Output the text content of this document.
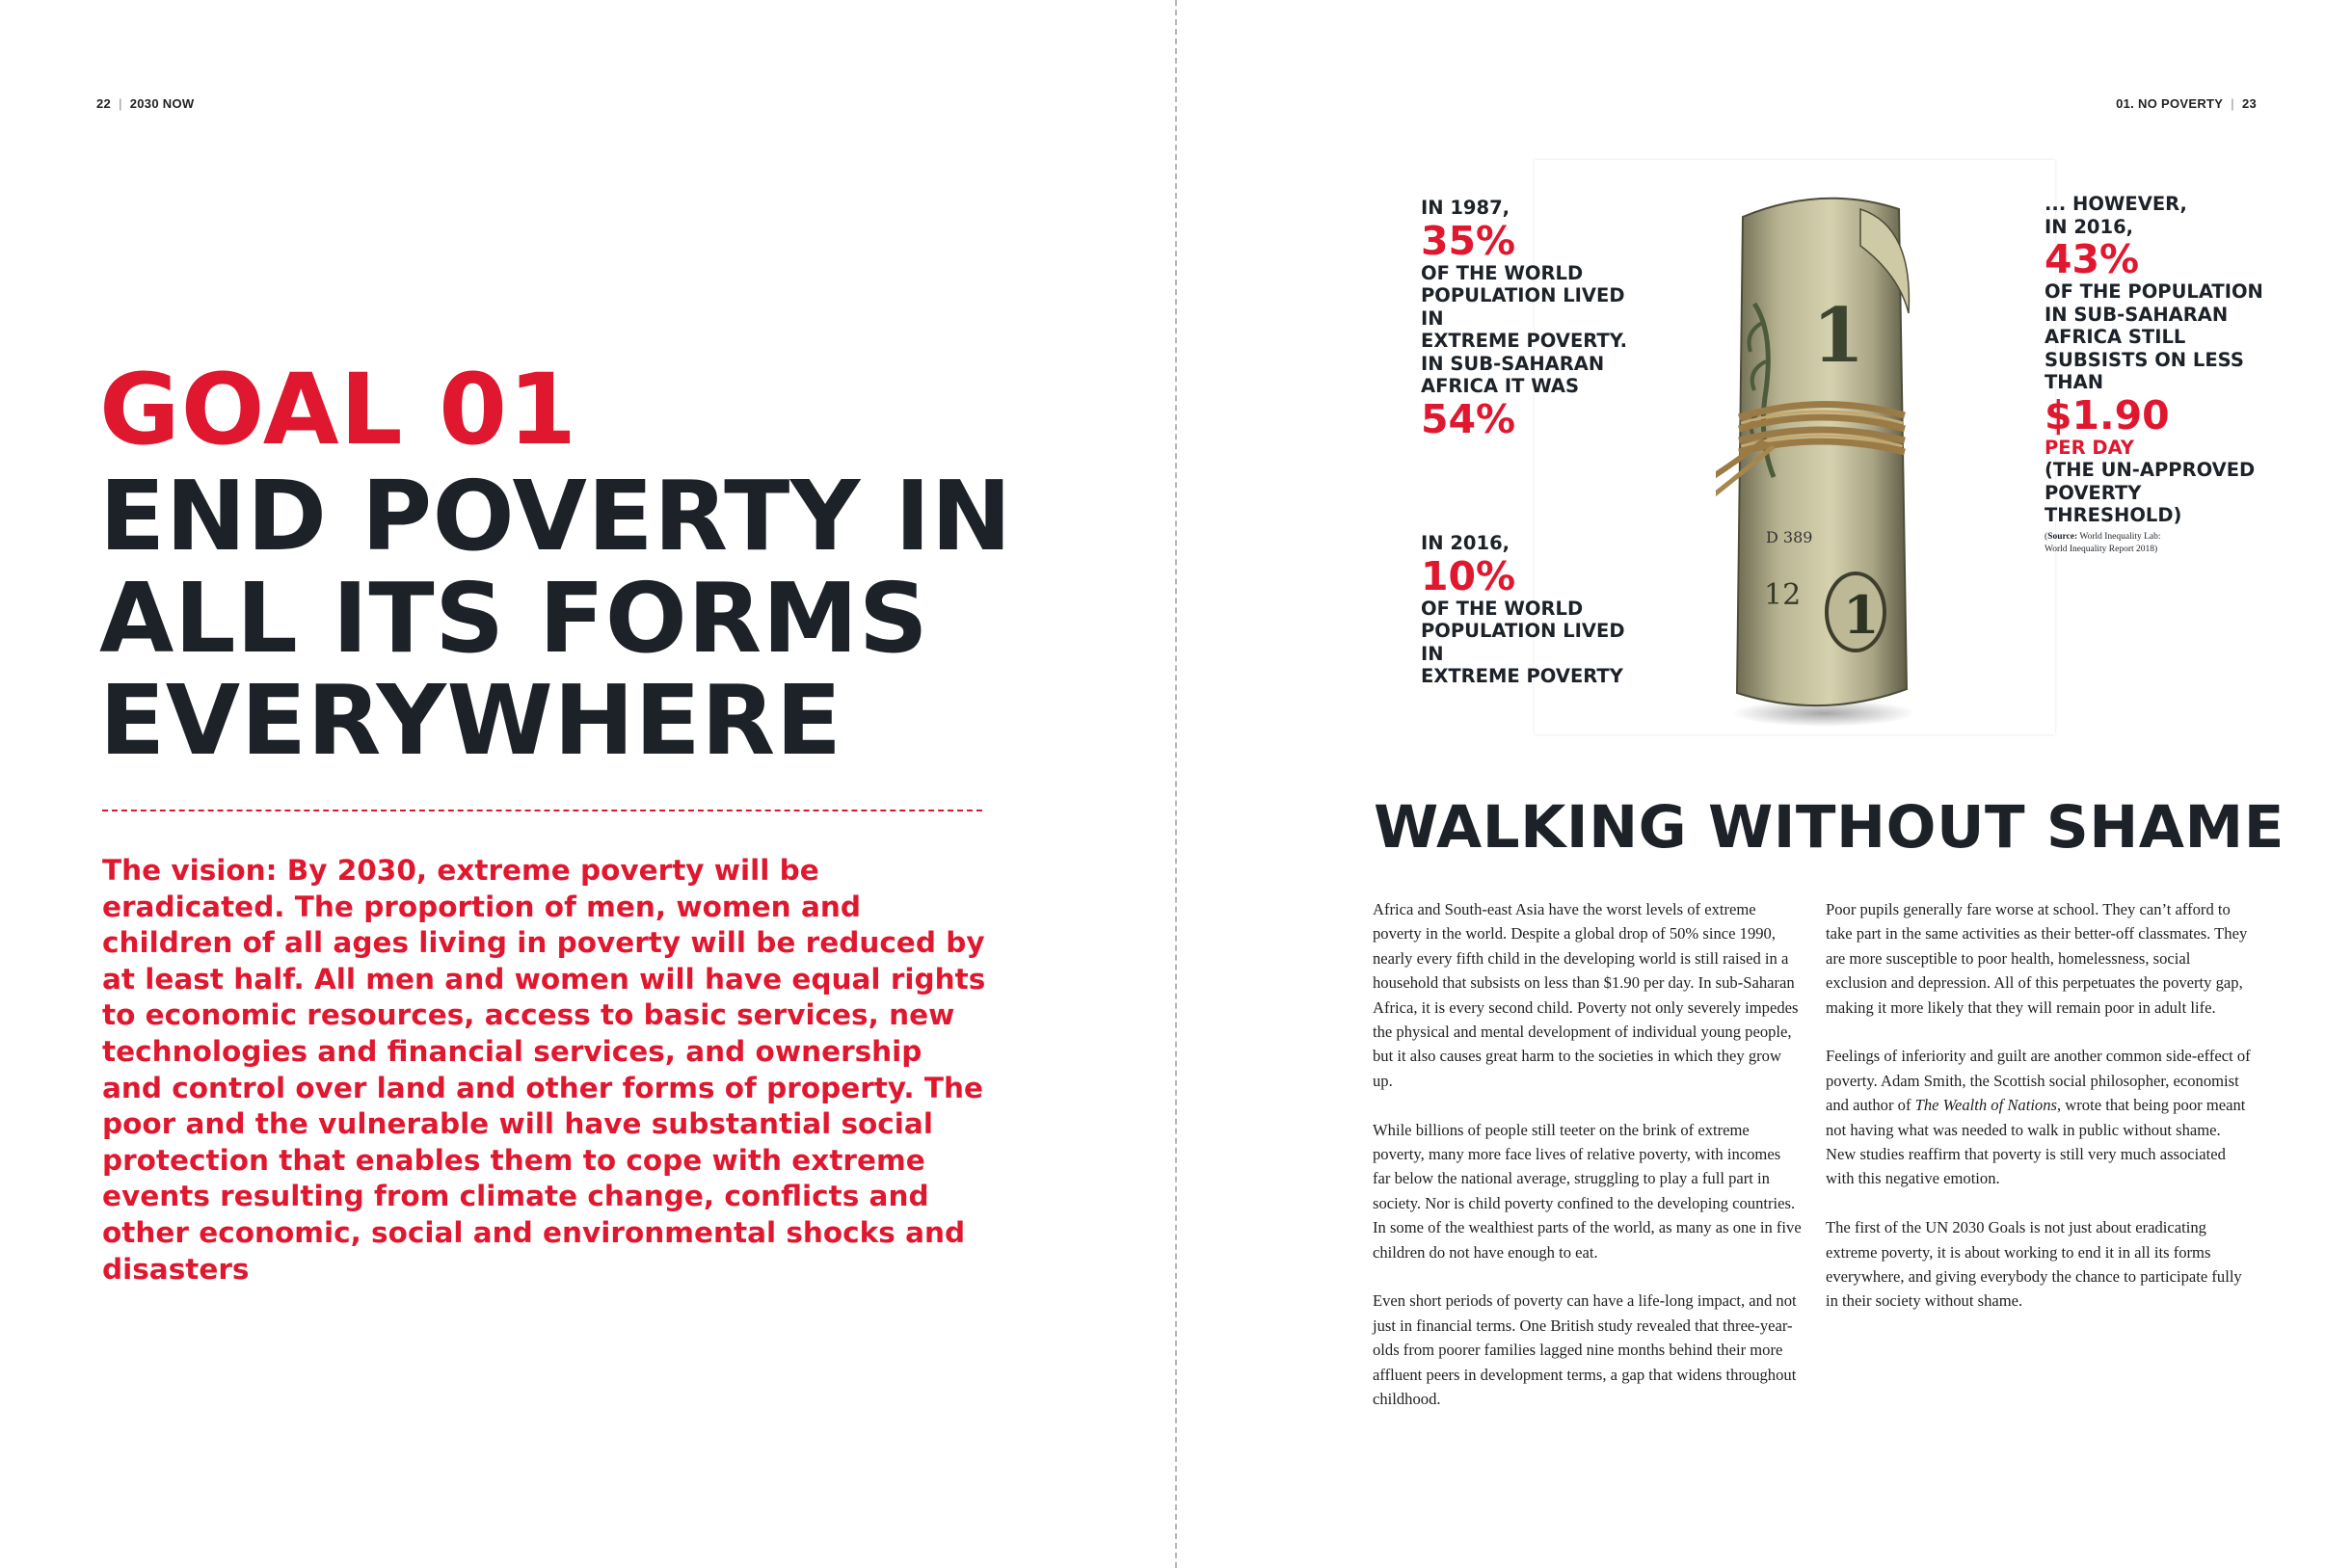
22 | 2030 NOW	01. NO POVERTY | 23
GOAL 01
END POVERTY IN
ALL ITS FORMS
EVERYWHERE
The vision: By 2030, extreme poverty will be eradicated. The proportion of men, women and children of all ages living in poverty will be reduced by at least half. All men and women will have equal rights to economic resources, access to basic services, new technologies and financial services, and ownership and control over land and other forms of property. The poor and the vulnerable will have substantial social protection that enables them to cope with extreme events resulting from climate change, conflicts and other economic, social and environmental shocks and disasters
1
D 389
12 1
IN 1987,
35%
OF THE WORLD
POPULATION LIVED IN
EXTREME POVERTY.
IN SUB-SAHARAN
AFRICA IT WAS
54%
IN 2016,
10%
OF THE WORLD
POPULATION LIVED IN
EXTREME POVERTY
... HOWEVER,
IN 2016,
43%
OF THE POPULATION
IN SUB-SAHARAN
AFRICA STILL
SUBSISTS ON LESS
THAN
$1.90
PER DAY
(THE UN-APPROVED
POVERTY THRESHOLD)
(Source: World Inequality Lab:
World Inequality Report 2018)
WALKING WITHOUT SHAME

Africa and South-east Asia have the worst levels of extreme poverty in the world. Despite a global drop of 50% since 1990, nearly every fifth child in the developing world is still raised in a household that subsists on less than $1.90 per day. In sub-Saharan Africa, it is every second child. Poverty not only severely impedes the physical and mental development of individual young people, but it also causes great harm to the societies in which they grow up.

While billions of people still teeter on the brink of extreme poverty, many more face lives of relative poverty, with incomes far below the national average, struggling to play a full part in society. Nor is child poverty confined to the developing countries. In some of the wealthiest parts of the world, as many as one in five children do not have enough to eat.

Even short periods of poverty can have a life-long impact, and not just in financial terms. One British study revealed that three-year-olds from poorer families lagged nine months behind their more affluent peers in development terms, a gap that widens throughout childhood.

Poor pupils generally fare worse at school. They can’t afford to take part in the same activities as their better-off classmates. They are more susceptible to poor health, homelessness, social exclusion and depression. All of this perpetuates the poverty gap, making it more likely that they will remain poor in adult life.

Feelings of inferiority and guilt are another common side-effect of poverty. Adam Smith, the Scottish social philosopher, economist and author of The Wealth of Nations, wrote that being poor meant not having what was needed to walk in public without shame. New studies reaffirm that poverty is still very much associated with this negative emotion.

The first of the UN 2030 Goals is not just about eradicating extreme poverty, it is about working to end it in all its forms everywhere, and giving everybody the chance to participate fully in their society without shame.
